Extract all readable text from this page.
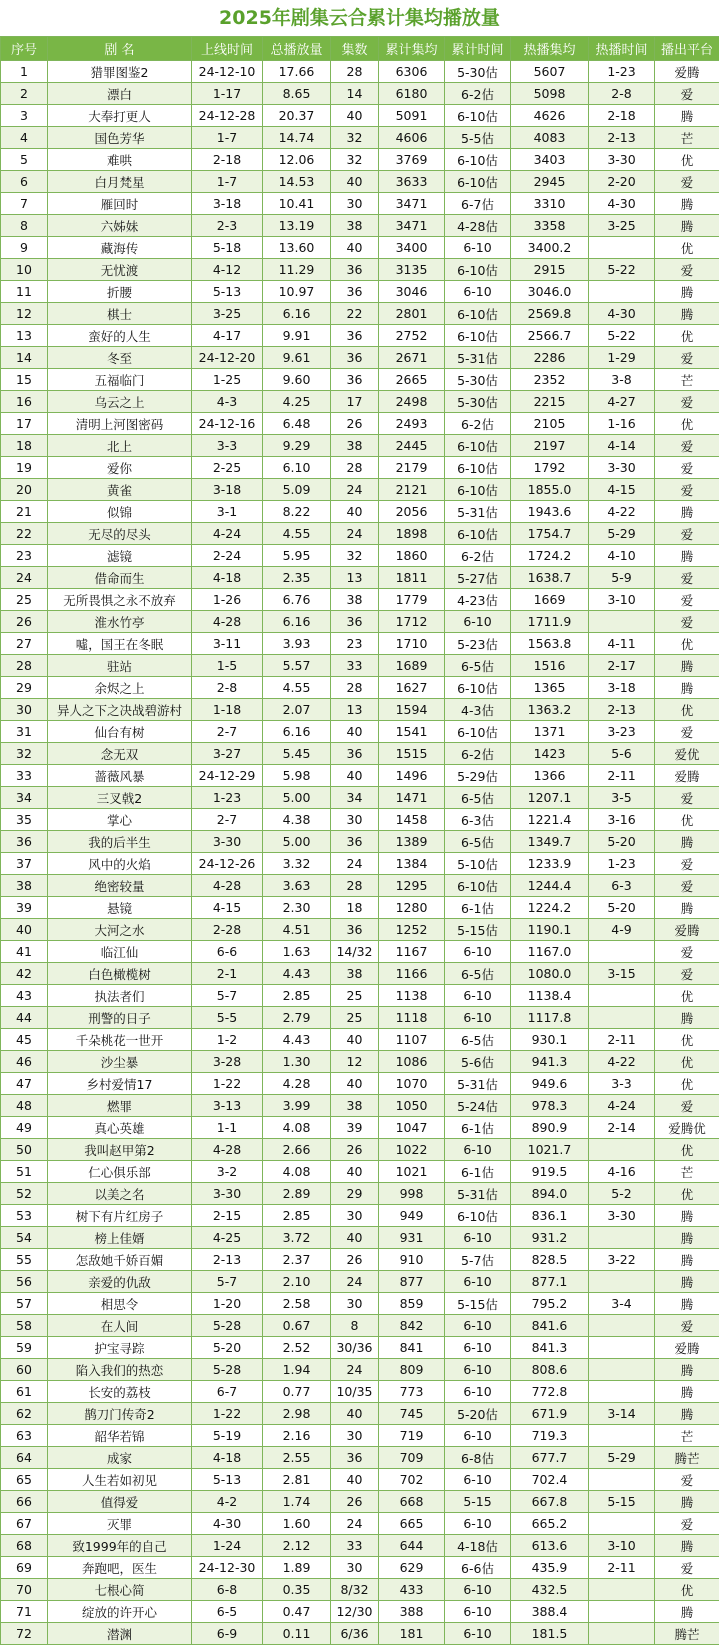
2025年剧集云合累计集均播放量
序号	剧 名	上线时间	总播放量	集数	累计集均	累计时间	热播集均	热播时间	播出平台
1	猎罪图鉴2	24-12-10	17.66	28	6306	5-30估	5607	1-23	爱腾
2	漂白	1-17	8.65	14	6180	6-2估	5098	2-8	爱
3	大奉打更人	24-12-28	20.37	40	5091	6-10估	4626	2-18	腾
4	国色芳华	1-7	14.74	32	4606	5-5估	4083	2-13	芒
5	难哄	2-18	12.06	32	3769	6-10估	3403	3-30	优
6	白月梵星	1-7	14.53	40	3633	6-10估	2945	2-20	爱
7	雁回时	3-18	10.41	30	3471	6-7估	3310	4-30	腾
8	六姊妹	2-3	13.19	38	3471	4-28估	3358	3-25	腾
9	藏海传	5-18	13.60	40	3400	6-10	3400.2		优
10	无忧渡	4-12	11.29	36	3135	6-10估	2915	5-22	爱
11	折腰	5-13	10.97	36	3046	6-10	3046.0		腾
12	棋士	3-25	6.16	22	2801	6-10估	2569.8	4-30	腾
13	蛮好的人生	4-17	9.91	36	2752	6-10估	2566.7	5-22	优
14	冬至	24-12-20	9.61	36	2671	5-31估	2286	1-29	爱
15	五福临门	1-25	9.60	36	2665	5-30估	2352	3-8	芒
16	乌云之上	4-3	4.25	17	2498	5-30估	2215	4-27	爱
17	清明上河图密码	24-12-16	6.48	26	2493	6-2估	2105	1-16	优
18	北上	3-3	9.29	38	2445	6-10估	2197	4-14	爱
19	爱你	2-25	6.10	28	2179	6-10估	1792	3-30	爱
20	黄雀	3-18	5.09	24	2121	6-10估	1855.0	4-15	爱
21	似锦	3-1	8.22	40	2056	5-31估	1943.6	4-22	腾
22	无尽的尽头	4-24	4.55	24	1898	6-10估	1754.7	5-29	爱
23	滤镜	2-24	5.95	32	1860	6-2估	1724.2	4-10	腾
24	借命而生	4-18	2.35	13	1811	5-27估	1638.7	5-9	爱
25	无所畏惧之永不放弃	1-26	6.76	38	1779	4-23估	1669	3-10	爱
26	淮水竹亭	4-28	6.16	36	1712	6-10	1711.9		爱
27	噓，国王在冬眠	3-11	3.93	23	1710	5-23估	1563.8	4-11	优
28	驻站	1-5	5.57	33	1689	6-5估	1516	2-17	腾
29	余烬之上	2-8	4.55	28	1627	6-10估	1365	3-18	腾
30	异人之下之决战碧游村	1-18	2.07	13	1594	4-3估	1363.2	2-13	优
31	仙台有树	2-7	6.16	40	1541	6-10估	1371	3-23	爱
32	念无双	3-27	5.45	36	1515	6-2估	1423	5-6	爱优
33	蔷薇风暴	24-12-29	5.98	40	1496	5-29估	1366	2-11	爱腾
34	三叉戟2	1-23	5.00	34	1471	6-5估	1207.1	3-5	爱
35	掌心	2-7	4.38	30	1458	6-3估	1221.4	3-16	优
36	我的后半生	3-30	5.00	36	1389	6-5估	1349.7	5-20	腾
37	风中的火焰	24-12-26	3.32	24	1384	5-10估	1233.9	1-23	爱
38	绝密较量	4-28	3.63	28	1295	6-10估	1244.4	6-3	爱
39	悬镜	4-15	2.30	18	1280	6-1估	1224.2	5-20	腾
40	大河之水	2-28	4.51	36	1252	5-15估	1190.1	4-9	爱腾
41	临江仙	6-6	1.63	14/32	1167	6-10	1167.0		爱
42	白色橄榄树	2-1	4.43	38	1166	6-5估	1080.0	3-15	爱
43	执法者们	5-7	2.85	25	1138	6-10	1138.4		优
44	刑警的日子	5-5	2.79	25	1118	6-10	1117.8		腾
45	千朵桃花一世开	1-2	4.43	40	1107	6-5估	930.1	2-11	优
46	沙尘暴	3-28	1.30	12	1086	5-6估	941.3	4-22	优
47	乡村爱情17	1-22	4.28	40	1070	5-31估	949.6	3-3	优
48	燃罪	3-13	3.99	38	1050	5-24估	978.3	4-24	爱
49	真心英雄	1-1	4.08	39	1047	6-1估	890.9	2-14	爱腾优
50	我叫赵甲第2	4-28	2.66	26	1022	6-10	1021.7		优
51	仁心俱乐部	3-2	4.08	40	1021	6-1估	919.5	4-16	芒
52	以美之名	3-30	2.89	29	998	5-31估	894.0	5-2	优
53	树下有片红房子	2-15	2.85	30	949	6-10估	836.1	3-30	腾
54	榜上佳婿	4-25	3.72	40	931	6-10	931.2		腾
55	怎敌她千娇百媚	2-13	2.37	26	910	5-7估	828.5	3-22	腾
56	亲爱的仇敌	5-7	2.10	24	877	6-10	877.1		腾
57	相思令	1-20	2.58	30	859	5-15估	795.2	3-4	腾
58	在人间	5-28	0.67	8	842	6-10	841.6		爱
59	护宝寻踪	5-20	2.52	30/36	841	6-10	841.3		爱腾
60	陷入我们的热恋	5-28	1.94	24	809	6-10	808.6		腾
61	长安的荔枝	6-7	0.77	10/35	773	6-10	772.8		腾
62	鹊刀门传奇2	1-22	2.98	40	745	5-20估	671.9	3-14	腾
63	韶华若锦	5-19	2.16	30	719	6-10	719.3		芒
64	成家	4-18	2.55	36	709	6-8估	677.7	5-29	腾芒
65	人生若如初见	5-13	2.81	40	702	6-10	702.4		爱
66	值得爱	4-2	1.74	26	668	5-15	667.8	5-15	腾
67	灭罪	4-30	1.60	24	665	6-10	665.2		爱
68	致1999年的自己	1-24	2.12	33	644	4-18估	613.6	3-10	腾
69	奔跑吧，医生	24-12-30	1.89	30	629	6-6估	435.9	2-11	爱
70	七根心简	6-8	0.35	8/32	433	6-10	432.5		优
71	绽放的许开心	6-5	0.47	12/30	388	6-10	388.4		腾
72	潜渊	6-9	0.11	6/36	181	6-10	181.5		腾芒
